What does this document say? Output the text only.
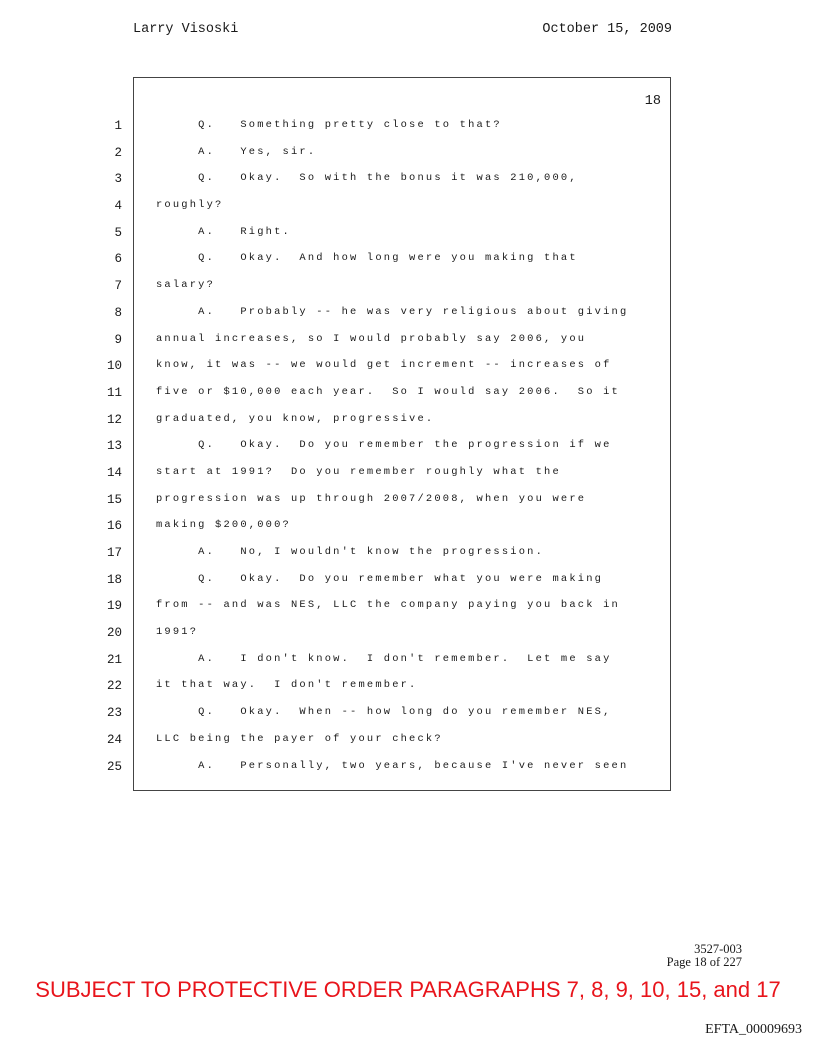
Larry Visoski	October 15, 2009
18
1	Q.   Something pretty close to that?
2	A.   Yes, sir.
3	Q.   Okay.  So with the bonus it was 210,000,
4	roughly?
5	A.   Right.
6	Q.   Okay.  And how long were you making that
7	salary?
8	A.   Probably -- he was very religious about giving
9	annual increases, so I would probably say 2006, you
10	know, it was -- we would get increment -- increases of
11	five or $10,000 each year.  So I would say 2006.  So it
12	graduated, you know, progressive.
13	Q.   Okay.  Do you remember the progression if we
14	start at 1991?  Do you remember roughly what the
15	progression was up through 2007/2008, when you were
16	making $200,000?
17	A.   No, I wouldn't know the progression.
18	Q.   Okay.  Do you remember what you were making
19	from -- and was NES, LLC the company paying you back in
20	1991?
21	A.   I don't know.  I don't remember.  Let me say
22	it that way.  I don't remember.
23	Q.   Okay.  When -- how long do you remember NES,
24	LLC being the payer of your check?
25	A.   Personally, two years, because I've never seen
3527-003
Page 18 of 227
SUBJECT TO PROTECTIVE ORDER PARAGRAPHS 7, 8, 9, 10, 15, and 17
EFTA_00009693
